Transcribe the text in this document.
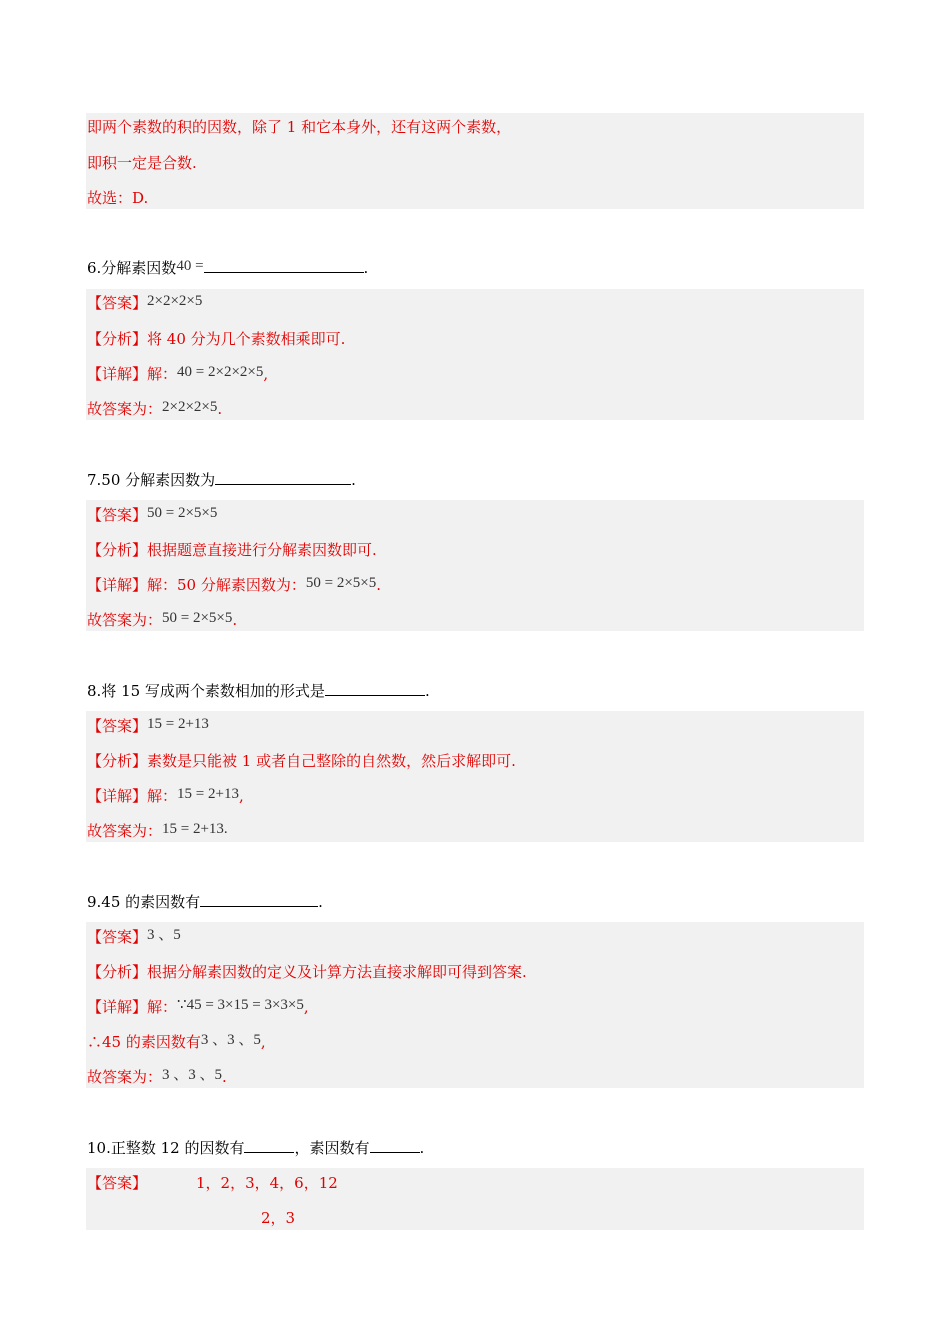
即两个素数的积的因数，除了 1 和它本身外，还有这两个素数，
即积一定是合数.
故选：D.
6.分解素因数40 =	.
【答案】2×2×2×5
【分析】将 40 分为几个素数相乘即可.
【详解】解：40 = 2×2×2×5,
故答案为：2×2×2×5.
7.50 分解素因数为	.
【答案】50 = 2×5×5
【分析】根据题意直接进行分解素因数即可.
【详解】解：50 分解素因数为：50 = 2×5×5.
故答案为：50 = 2×5×5.
8.将 15 写成两个素数相加的形式是	.
【答案】15 = 2+13
【分析】素数是只能被 1 或者自己整除的自然数，然后求解即可.
【详解】解：15 = 2+13,
故答案为：15 = 2+13.
9.45 的素因数有	.
【答案】3 、5
【分析】根据分解素因数的定义及计算方法直接求解即可得到答案.
【详解】解：∵45 = 3×15 = 3×3×5,
∴45 的素因数有3 、3 、5,
故答案为：3 、3 、5.
10.正整数 12 的因数有	，素因数有	.
【答案】	1，2，3，4，6，12
2，3
